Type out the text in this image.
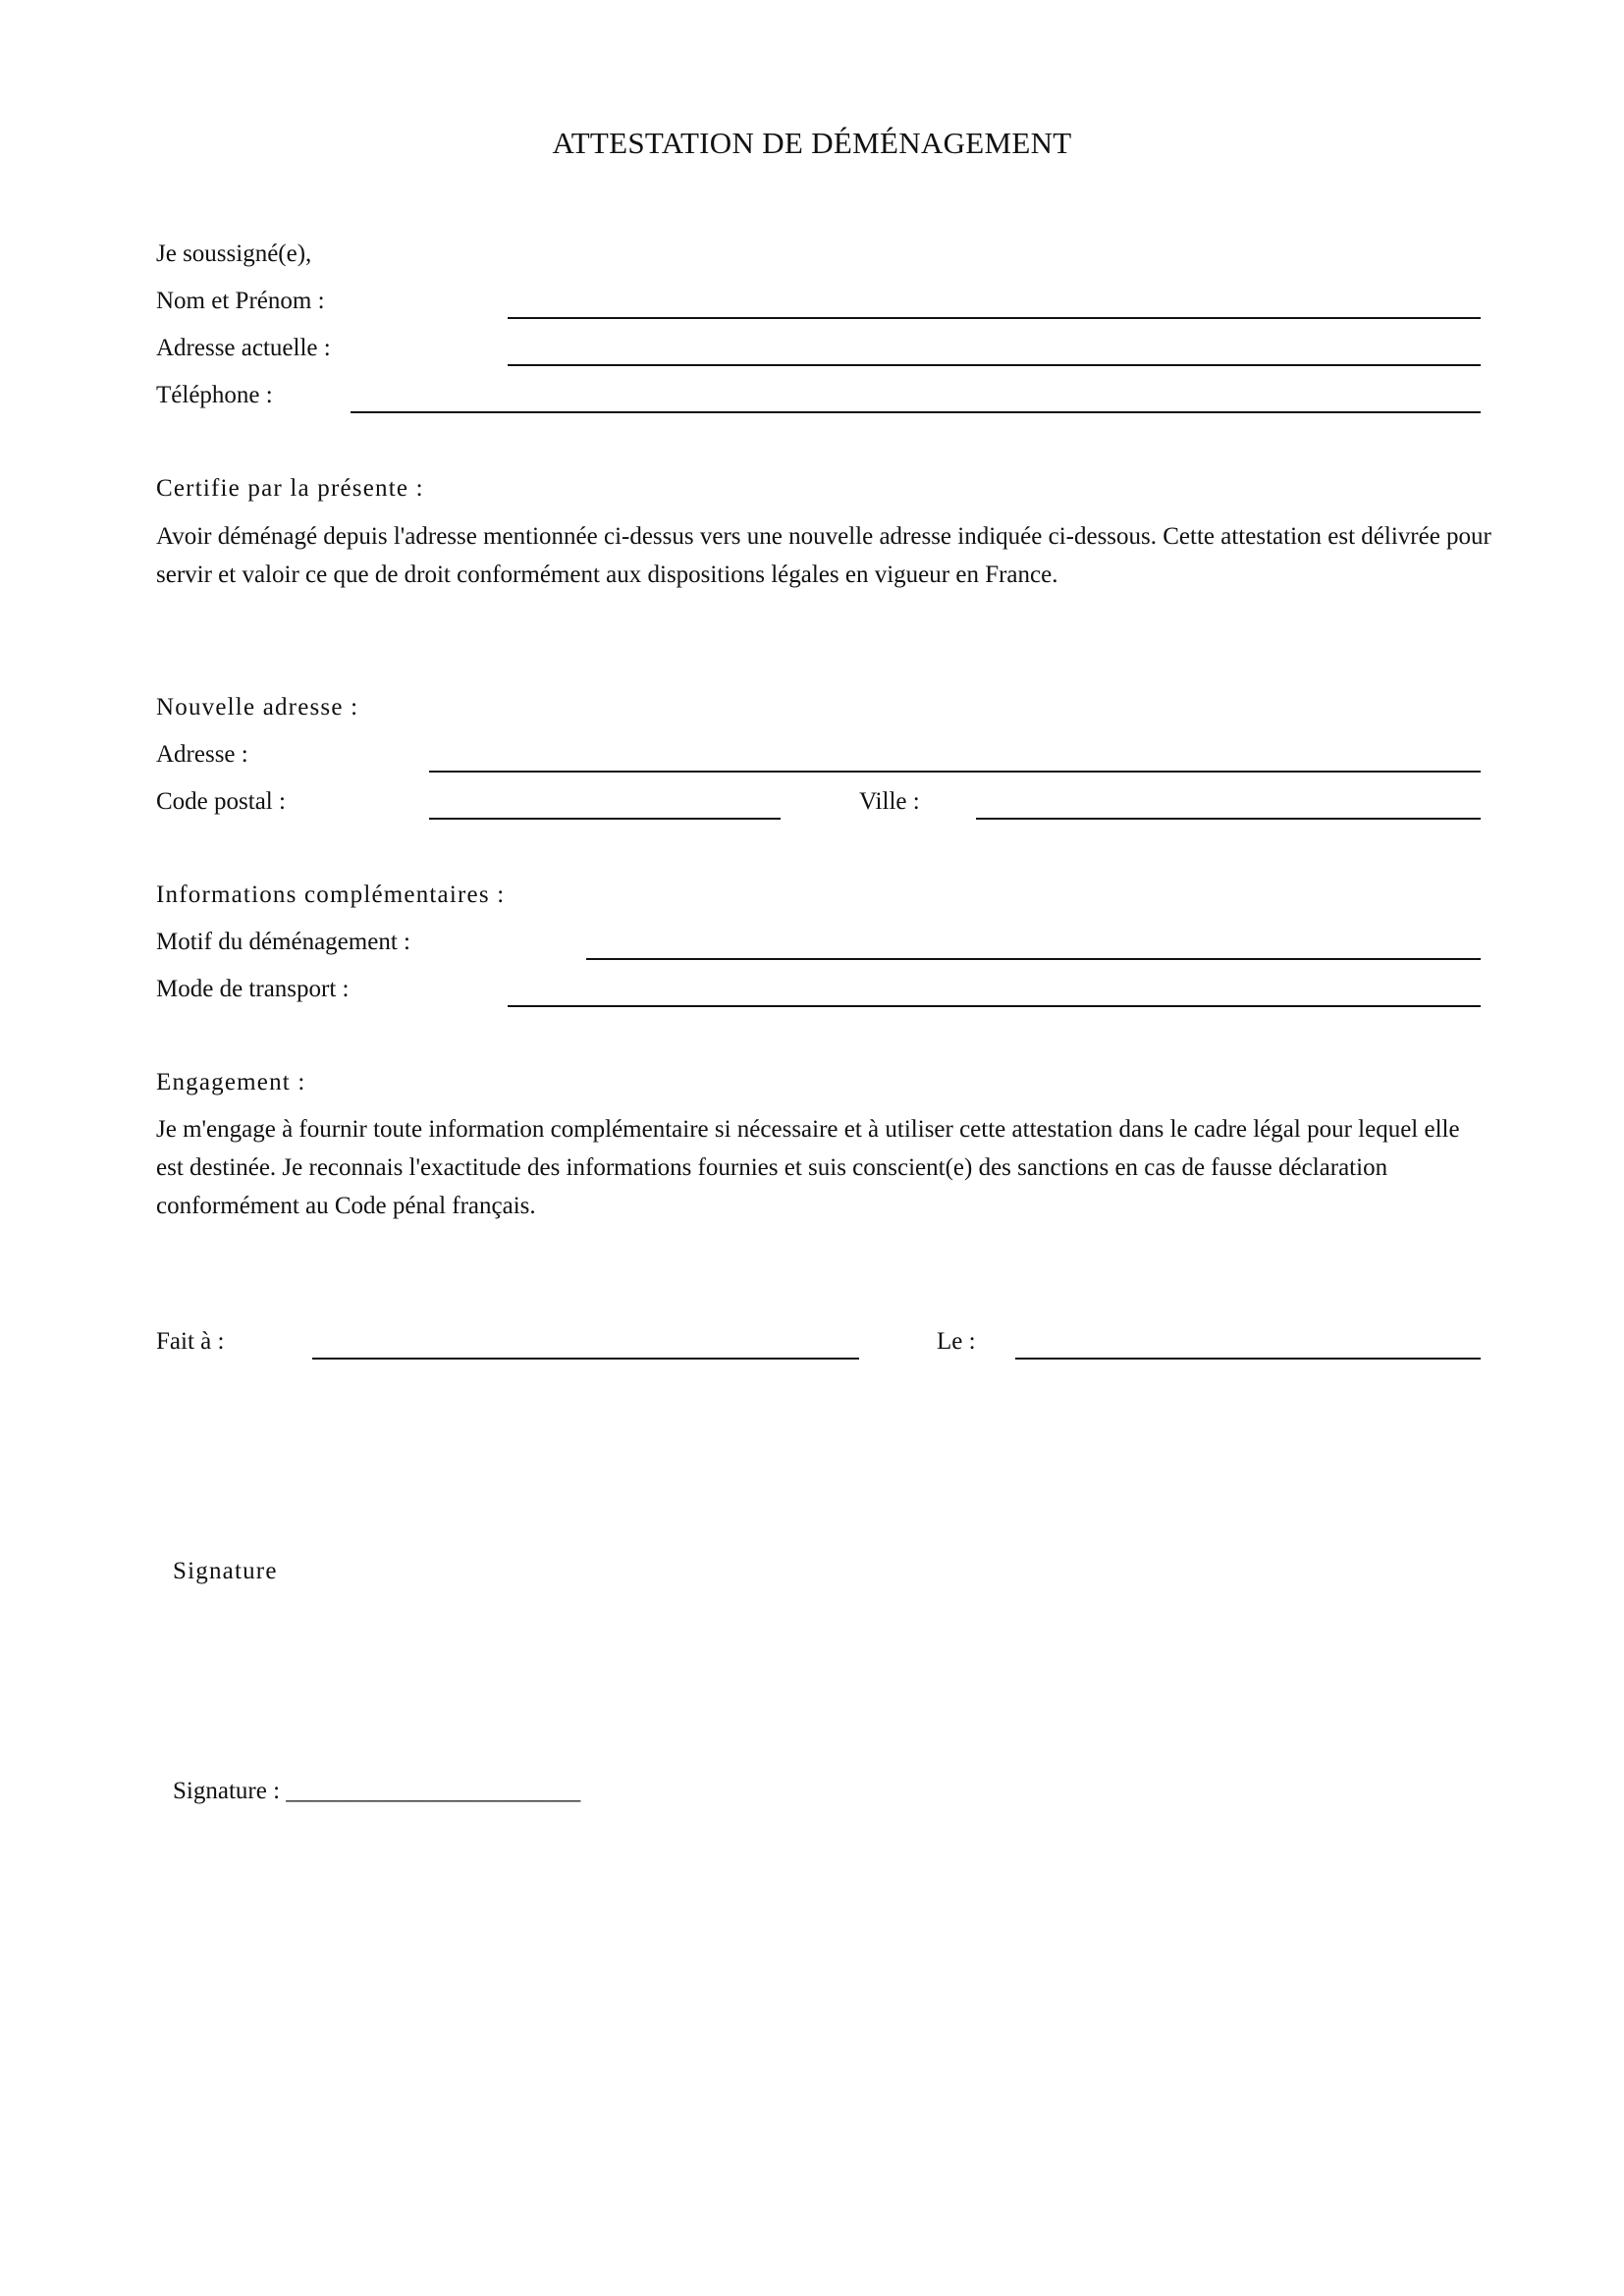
ATTESTATION DE DÉMÉNAGEMENT
Je soussigné(e),
Nom et Prénom :
Adresse actuelle :
Téléphone :
Certifie par la présente :
Avoir déménagé depuis l'adresse mentionnée ci-dessus vers une nouvelle adresse indiquée ci-dessous. Cette attestation est délivrée pour servir et valoir ce que de droit conformément aux dispositions légales en vigueur en France.
Nouvelle adresse :
Adresse :
Code postal :	Ville :
Informations complémentaires :
Motif du déménagement :
Mode de transport :
Engagement :
Je m'engage à fournir toute information complémentaire si nécessaire et à utiliser cette attestation dans le cadre légal pour lequel elle est destinée. Je reconnais l'exactitude des informations fournies et suis conscient(e) des sanctions en cas de fausse déclaration conformément au Code pénal français.
Fait à :	Le :
Signature
Signature : ________________________
